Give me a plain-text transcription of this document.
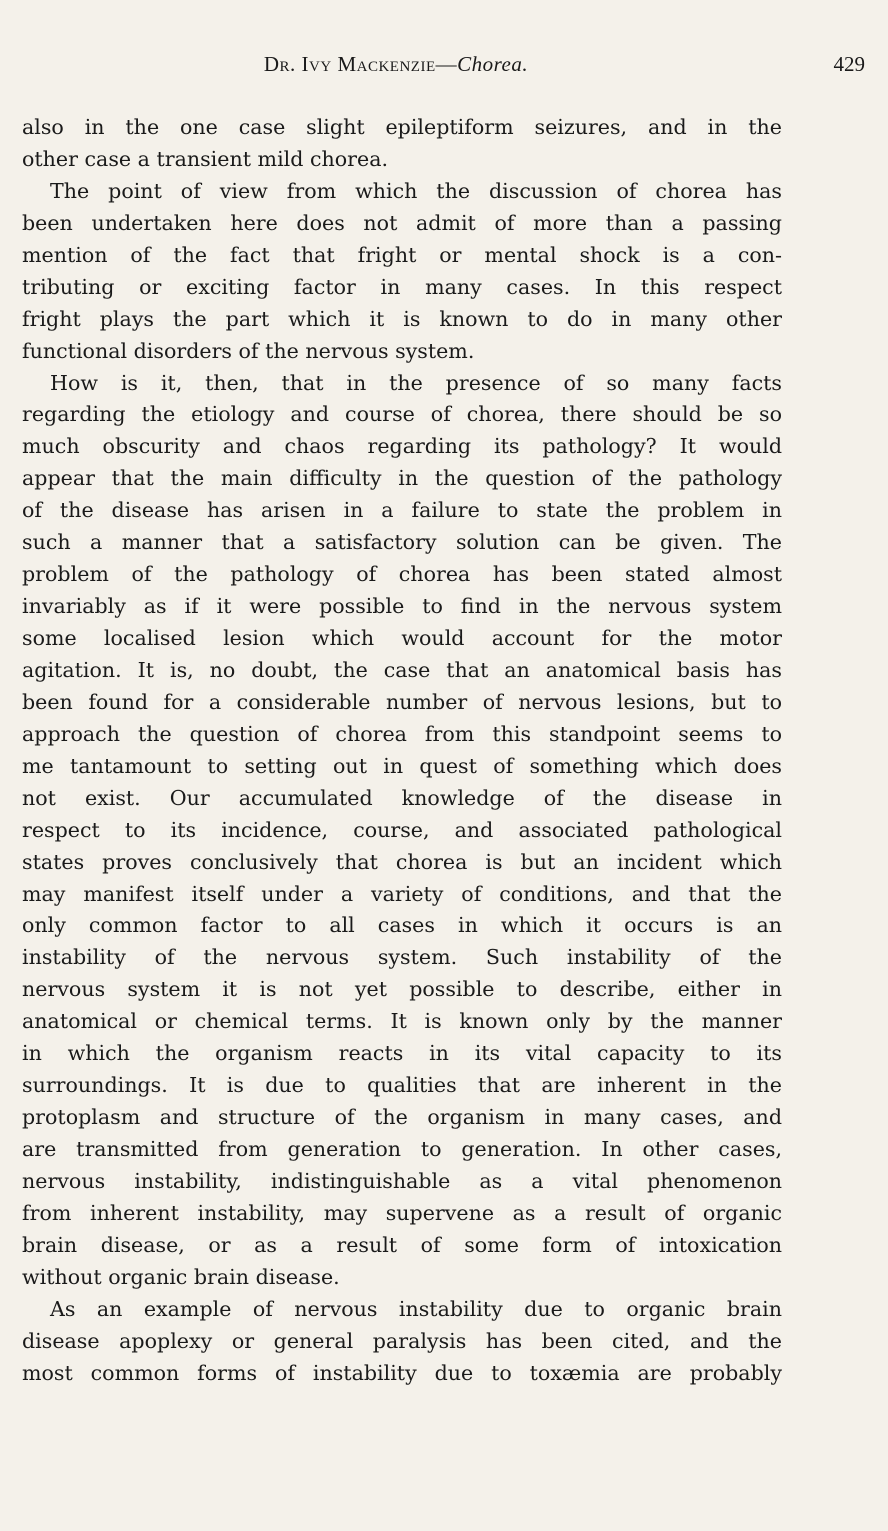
Dr. Ivy Mackenzie—Chorea.	429
also in the one case slight epileptiform seizures, and in the
other case a transient mild chorea.
The point of view from which the discussion of chorea has
been undertaken here does not admit of more than a passing
mention of the fact that fright or mental shock is a con-
tributing or exciting factor in many cases. In this respect
fright plays the part which it is known to do in many other
functional disorders of the nervous system.
How is it, then, that in the presence of so many facts
regarding the etiology and course of chorea, there should be so
much obscurity and chaos regarding its pathology? It would
appear that the main difficulty in the question of the pathology
of the disease has arisen in a failure to state the problem in
such a manner that a satisfactory solution can be given. The
problem of the pathology of chorea has been stated almost
invariably as if it were possible to find in the nervous system
some localised lesion which would account for the motor
agitation. It is, no doubt, the case that an anatomical basis has
been found for a considerable number of nervous lesions, but to
approach the question of chorea from this standpoint seems to
me tantamount to setting out in quest of something which does
not exist. Our accumulated knowledge of the disease in
respect to its incidence, course, and associated pathological
states proves conclusively that chorea is but an incident which
may manifest itself under a variety of conditions, and that the
only common factor to all cases in which it occurs is an
instability of the nervous system. Such instability of the
nervous system it is not yet possible to describe, either in
anatomical or chemical terms. It is known only by the manner
in which the organism reacts in its vital capacity to its
surroundings. It is due to qualities that are inherent in the
protoplasm and structure of the organism in many cases, and
are transmitted from generation to generation. In other cases,
nervous instability, indistinguishable as a vital phenomenon
from inherent instability, may supervene as a result of organic
brain disease, or as a result of some form of intoxication
without organic brain disease.
As an example of nervous instability due to organic brain
disease apoplexy or general paralysis has been cited, and the
most common forms of instability due to toxæmia are probably
